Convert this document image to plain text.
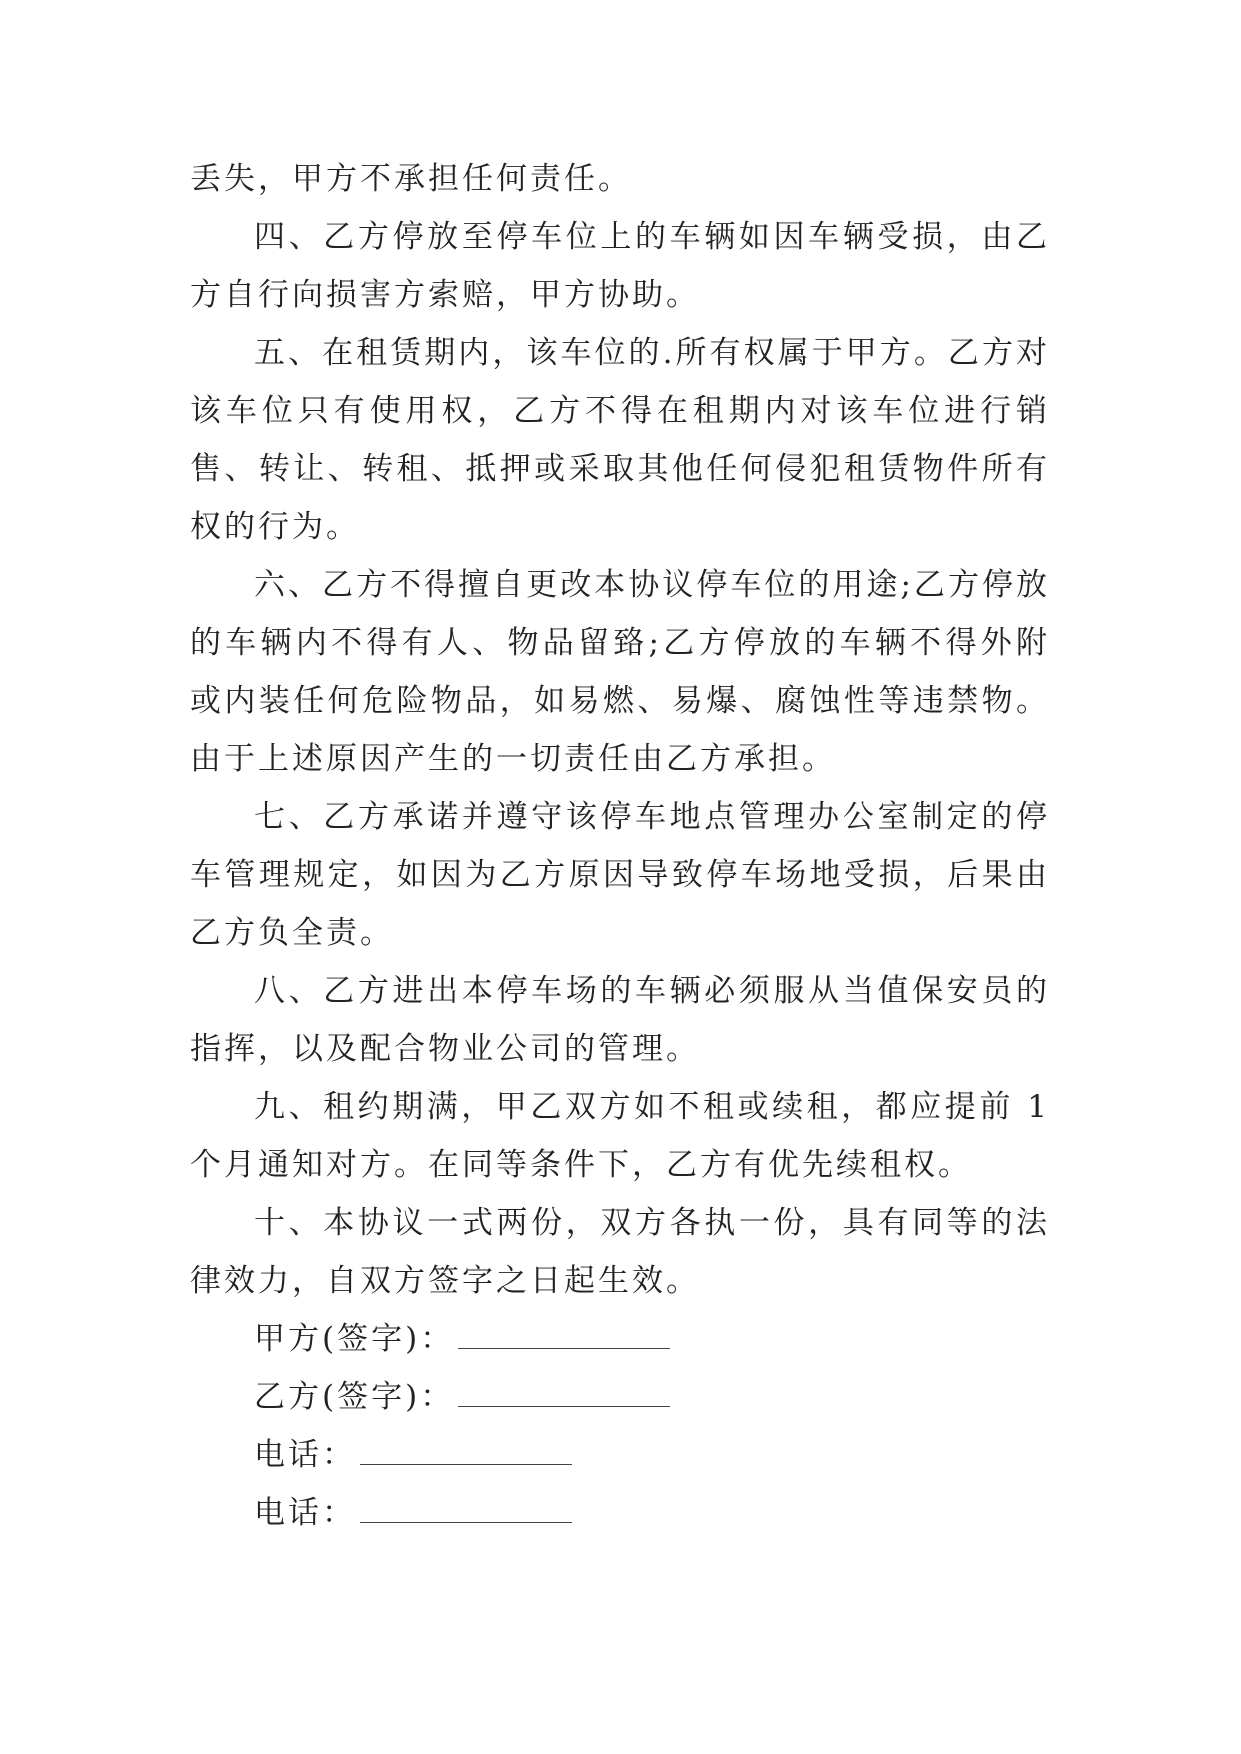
丢失，甲方不承担任何责任。

四、乙方停放至停车位上的车辆如因车辆受损，由乙方自行向损害方索赔，甲方协助。

五、在租赁期内，该车位的.所有权属于甲方。乙方对该车位只有使用权，乙方不得在租期内对该车位进行销售、转让、转租、抵押或采取其他任何侵犯租赁物件所有权的行为。

六、乙方不得擅自更改本协议停车位的用途;乙方停放的车辆内不得有人、物品留臵;乙方停放的车辆不得外附或内装任何危险物品，如易燃、易爆、腐蚀性等违禁物。由于上述原因产生的一切责任由乙方承担。

七、乙方承诺并遵守该停车地点管理办公室制定的停车管理规定，如因为乙方原因导致停车场地受损，后果由乙方负全责。

八、乙方进出本停车场的车辆必须服从当值保安员的指挥，以及配合物业公司的管理。

九、租约期满，甲乙双方如不租或续租，都应提前 1 个月通知对方。在同等条件下，乙方有优先续租权。

十、本协议一式两份，双方各执一份，具有同等的法律效力，自双方签字之日起生效。

甲方(签字)：

乙方(签字)：

电话：

电话：
